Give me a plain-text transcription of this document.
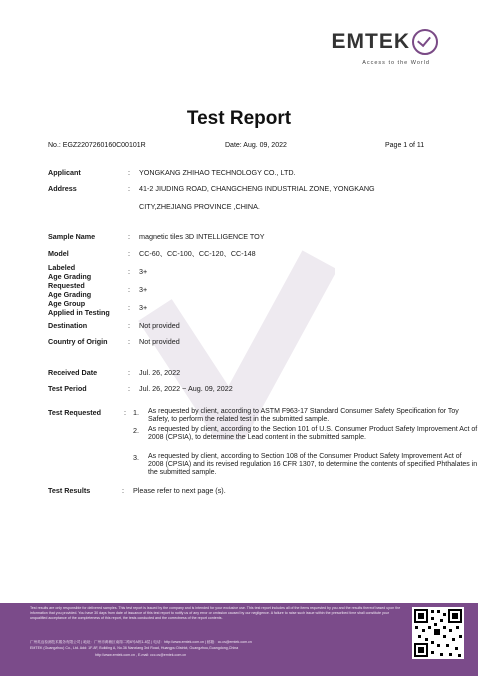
EMTEK
Access to the World
Test Report
No.: EGZ2207260160C00101R	Date: Aug. 09, 2022	Page 1 of 11
Applicant	: YONGKANG ZHIHAO TECHNOLOGY CO., LTD.
Address	: 41-2 JIUDING ROAD, CHANGCHENG INDUSTRIAL ZONE, YONGKANG
CITY,ZHEJIANG PROVINCE ,CHINA.
Sample Name	: magnetic tiles 3D INTELLIGENCE TOY
Model	: CC-60、CC-100、CC-120、CC-148
Labeled
Age Grading
: 3+
Requested
Age Grading
: 3+
Age Group
Applied in Testing
: 3+
Destination	: Not provided
Country of Origin	: Not provided
Received Date	: Jul. 26, 2022
Test Period	: Jul. 26, 2022 ~ Aug. 09, 2022
Test Requested	: 1. As requested by client, according to ASTM F963-17 Standard Consumer Safety Specification for Toy Safety, to perform the related test in the submitted sample.
2. As requested by client, according to the Section 101 of U.S. Consumer Product Safety Improvement Act of 2008 (CPSIA), to determine the Lead content in the submitted sample.
3. As requested by client, according to Section 108 of the Consumer Product Safety Improvement Act of 2008 (CPSIA) and its revised regulation 16 CFR 1307, to determine the contents of specified Phthalates in the submitted sample.
Test Results	: Please refer to next page (s).
Test results are only responsible for delivered samples. This test report is issued by the company and is intended for your exclusive use. This test report includes all of the items requested by you and the results thereof based upon the information that you provided. You have 30 days from date of issuance of this test report to notify us of any error or omission caused by our negligence. A failure to raise such issue within the prescribed time shall constitute your unqualified acceptance of the completeness of this report, the tests conducted and the correctness of the report contents.
广州英迈检测技术服务有限公司 | 地址：广州市黄埔区南翔二路6号A栋1-8层 | 电话：http://www.emtek.com.cn | 邮箱：cc.cs@emtek.com.cn
EMTEK (Guangzhou) Co., Ltd. Add: 1F-8F, Building A, No.36 Nanxiang 3rd Road, Huangpu District, Guangzhou,Guangdong,China
http://www.emtek.com.cn , E-mail: ccc.cs@emtek.com.cn
